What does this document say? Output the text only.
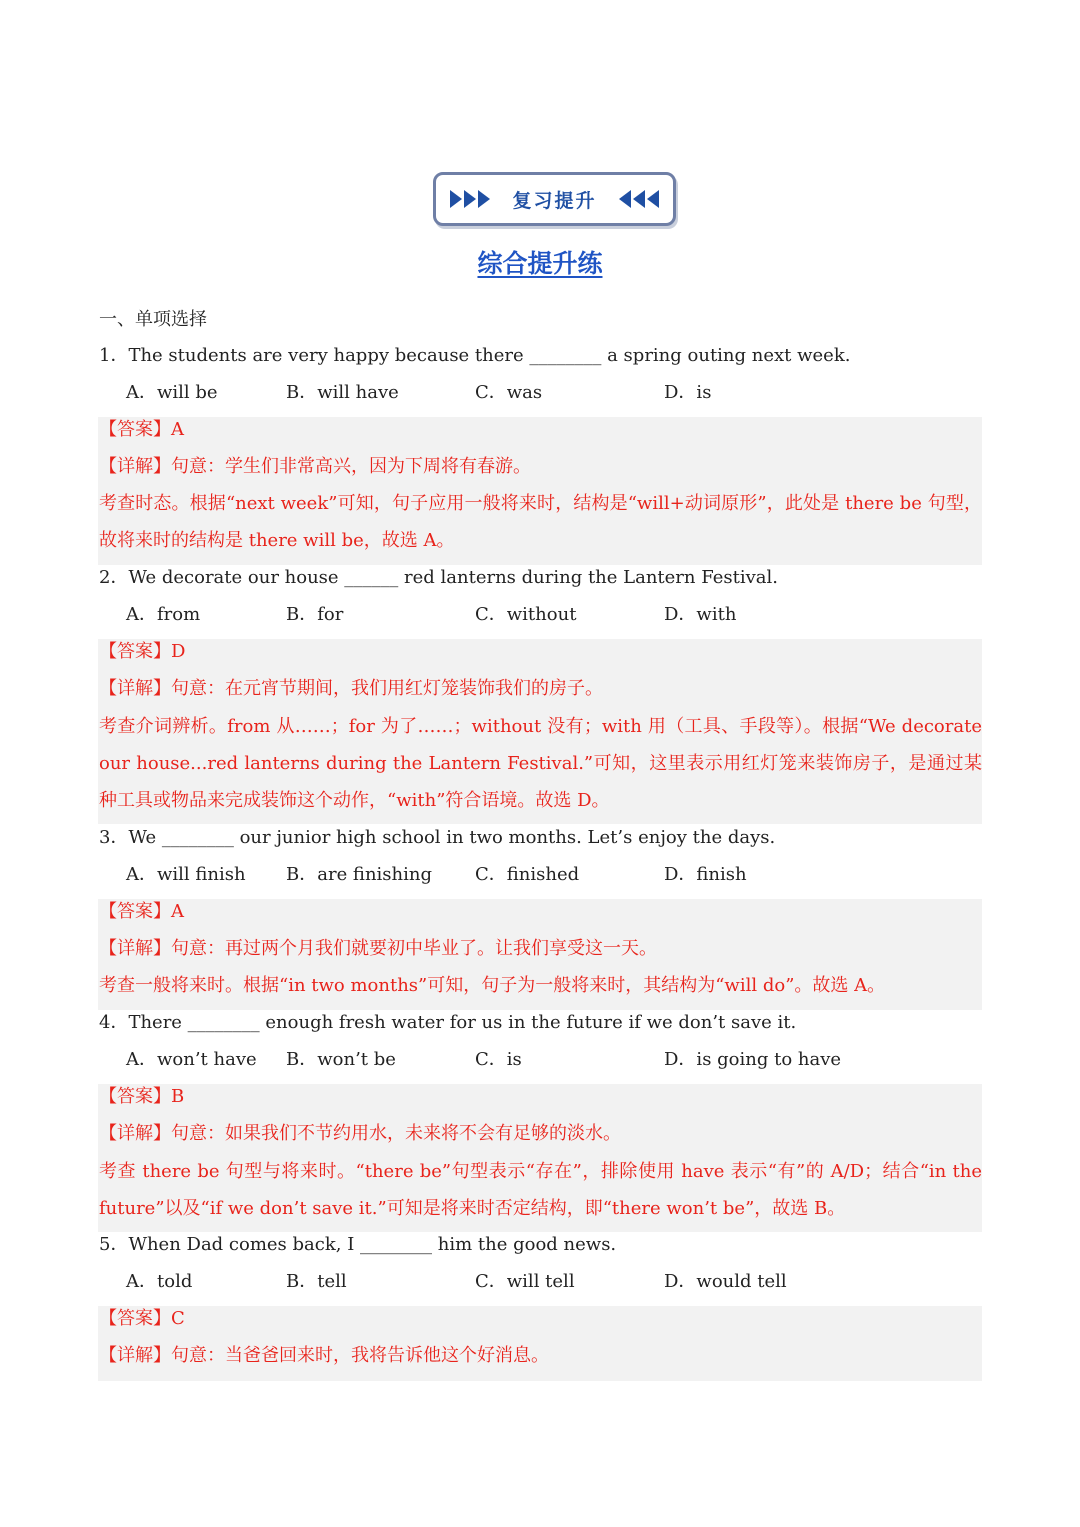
复习提升
综合提升练
一、单项选择
1．The students are very happy because there ________ a spring outing next week.
A．will be	B．will have	C．was	D．is
【答案】A
【详解】句意：学生们非常高兴，因为下周将有春游。
考查时态。根据“next week”可知，句子应用一般将来时，结构是“will+动词原形”，此处是 there be 句型，故将来时的结构是 there will be，故选 A。
2．We decorate our house ______ red lanterns during the Lantern Festival.
A．from	B．for	C．without	D．with
【答案】D
【详解】句意：在元宵节期间，我们用红灯笼装饰我们的房子。
考查介词辨析。from 从……；for 为了……；without 没有；with 用（工具、手段等）。根据“We decorate our house...red lanterns during the Lantern Festival.”可知，这里表示用红灯笼来装饰房子，是通过某种工具或物品来完成装饰这个动作，“with”符合语境。故选 D。
3．We ________ our junior high school in two months. Let’s enjoy the days.
A．will finish B．are finishing C．finished	D．finish
【答案】A
【详解】句意：再过两个月我们就要初中毕业了。让我们享受这一天。
考查一般将来时。根据“in two months”可知，句子为一般将来时，其结构为“will do”。故选 A。
4．There ________ enough fresh water for us in the future if we don’t save it.
A．won’t have B．won’t be	C．is	D．is going to have
【答案】B
【详解】句意：如果我们不节约用水，未来将不会有足够的淡水。
考查 there be 句型与将来时。“there be”句型表示“存在”，排除使用 have 表示“有”的 A/D；结合“in the future”以及“if we don’t save it.”可知是将来时否定结构，即“there won’t be”，故选 B。
5．When Dad comes back, I ________ him the good news.
A．told	B．tell	C．will tell	D．would tell
【答案】C
【详解】句意：当爸爸回来时，我将告诉他这个好消息。
